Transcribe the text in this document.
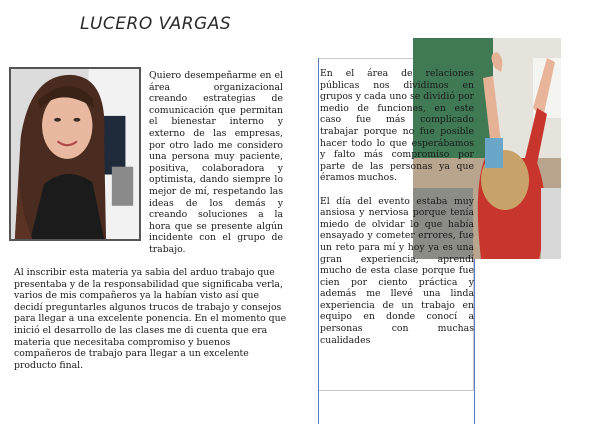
LUCERO VARGAS

Quiero desempeñarme en el área organizacional creando estrategias de comunicación que permitan el bienestar interno y externo de las empresas, por otro lado me considero una persona muy paciente, positiva, colaboradora y optimista, dando siempre lo mejor de mí, respetando las ideas de los demás y creando soluciones a la hora que se presente algún incidente con el grupo de trabajo.

Al inscribir esta materia ya sabia del arduo trabajo que presentaba y de la responsabilidad que significaba verla, varios de mis compañeros ya la habían visto así que decidí preguntarles algunos trucos de trabajo y consejos para llegar a una excelente ponencia. En el momento que inició el desarrollo de las clases me di cuenta que era materia que necesitaba compromiso y buenos compañeros de trabajo para llegar a un excelente producto final.

En el área de relaciones públicas nos dividimos en grupos y cada uno se dividió por medio de funciones, en este caso fue más complicado trabajar porque no fue posible hacer todo lo que esperábamos y falto más compromiso por parte de las personas ya que éramos muchos.

El día del evento estaba muy ansiosa y nerviosa porque tenía miedo de olvidar lo que había ensayado y cometer errores, fue un reto para mí y hoy ya es una gran experiencia, aprendí mucho de esta clase porque fue cien por ciento práctica y además me llevé una linda experiencia de un trabajo en equipo en donde conocí a personas con muchas cualidades
